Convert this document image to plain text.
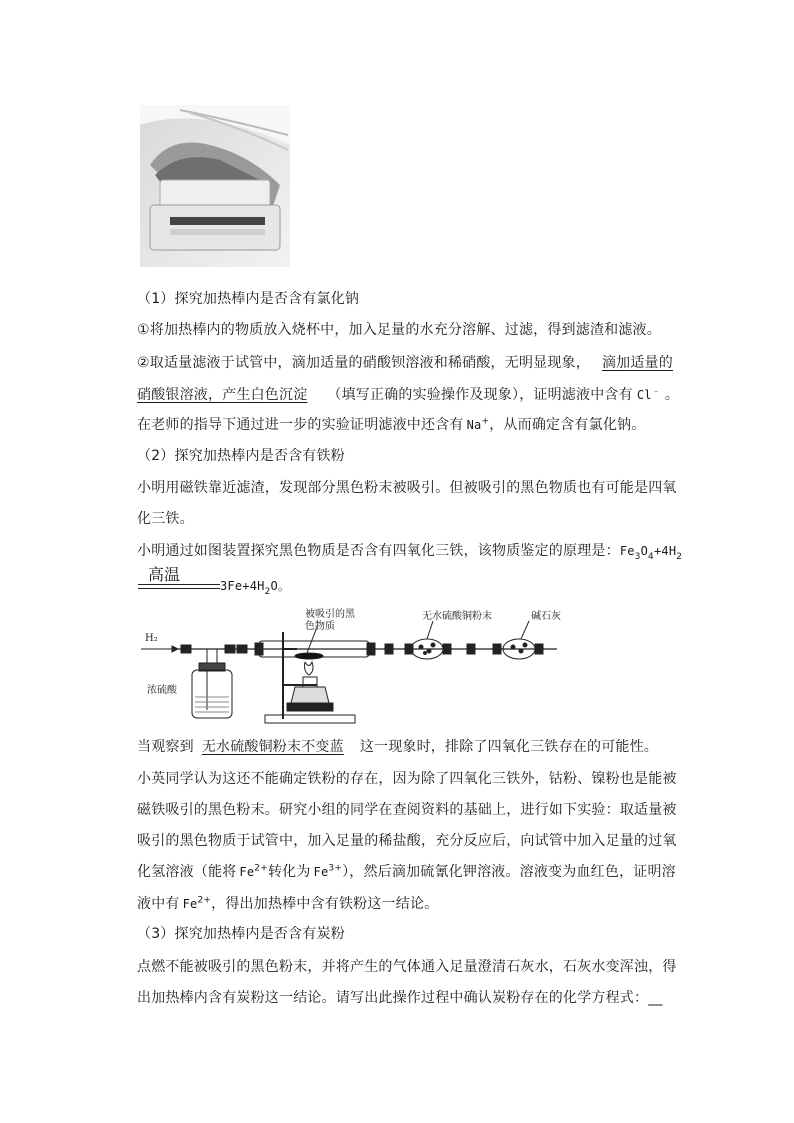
（1）探究加热棒内是否含有氯化钠
①将加热棒内的物质放入烧杯中，加入足量的水充分溶解、过滤，得到滤渣和滤液。
②取适量滤液于试管中，滴加适量的硝酸钡溶液和稀硝酸，无明显现象， 滴加适量的
硝酸银溶液，产生白色沉淀 （填写正确的实验操作及现象），证明滤液中含有 Cl﹣ 。
在老师的指导下通过进一步的实验证明滤液中还含有 Na+，从而确定含有氯化钠。
（2）探究加热棒内是否含有铁粉
小明用磁铁靠近滤渣，发现部分黑色粉末被吸引。但被吸引的黑色物质也有可能是四氧
化三铁。
小明通过如图装置探究黑色物质是否含有四氧化三铁，该物质鉴定的原理是：$Fe_3O_4+4H_2$
高温
$3Fe+4H_2O$。
H₂
浓硫酸
被吸引的黑
色物质
无水硫酸铜粉末	碱石灰
当观察到 无水硫酸铜粉末不变蓝 这一现象时，排除了四氧化三铁存在的可能性。
小英同学认为这还不能确定铁粉的存在，因为除了四氧化三铁外，钴粉、镍粉也是能被
磁铁吸引的黑色粉末。研究小组的同学在查阅资料的基础上，进行如下实验：取适量被
吸引的黑色物质于试管中，加入足量的稀盐酸，充分反应后，向试管中加入足量的过氧
化氢溶液（能将 $Fe^{2+}$转化为 $Fe^{3+}$），然后滴加硫氰化钾溶液。溶液变为血红色，证明溶
液中有 $Fe^{2+}$，得出加热棒中含有铁粉这一结论。
（3）探究加热棒内是否含有炭粉
点燃不能被吸引的黑色粉末，并将产生的气体通入足量澄清石灰水，石灰水变浑浊，得
出加热棒内含有炭粉这一结论。请写出此操作过程中确认炭粉存在的化学方程式：__
